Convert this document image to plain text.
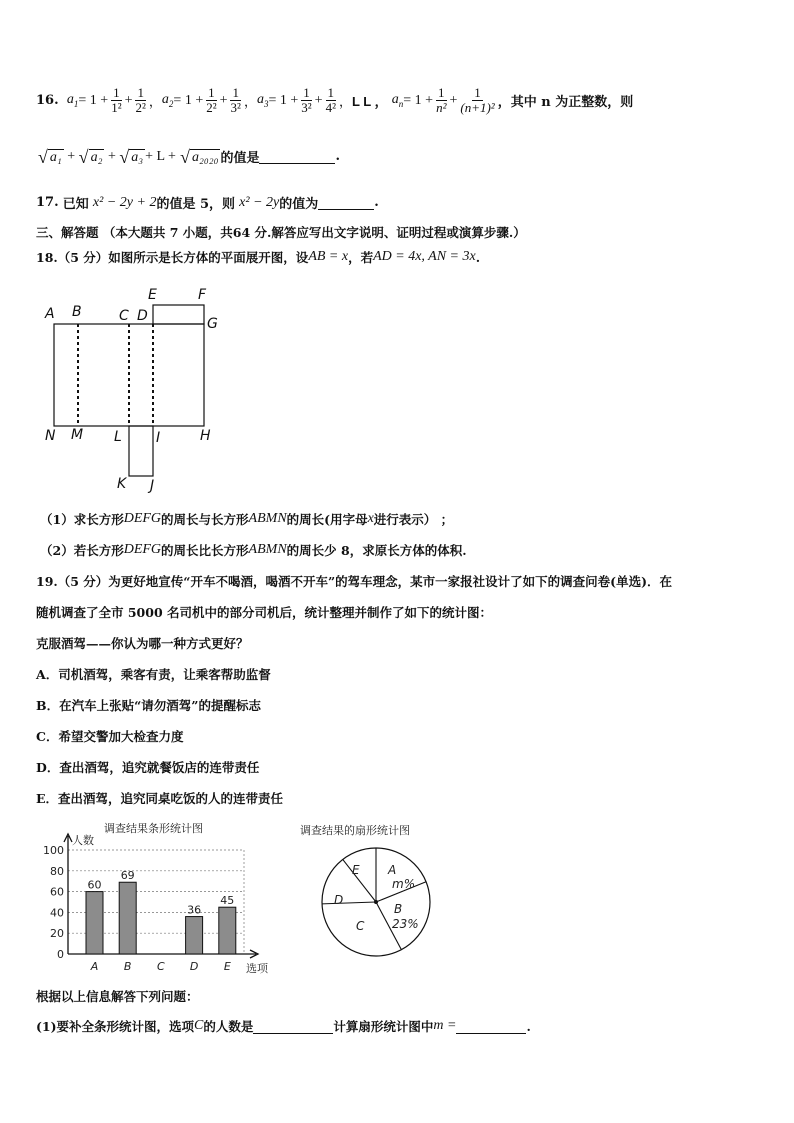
16.
$a_1 = 1 + \frac{1}{\text{1²}} + \frac{1}{\text{2²}}$ ， $a_2 = 1 + \frac{1}{\text{2²}} + \frac{1}{\text{3²}}$ ， $a_3 = 1 + \frac{1}{\text{3²}} + \frac{1}{\text{4²}}$ ， L L ，
$a_n = 1 + \frac{1}{\text{n²}} + \frac{1}{\text{(n+1)²}}$ ，其中 n 为正整数，则
√ a₁ + √ a₂ + √ a₃ + L +
√ a₂₀₂₀ 的值是	.
17.
已知
x² − 2y + 2 的值是 5，则
x² − 2y 的值为	.
三、解答题 （本大题共 7 小题，共64 分.解答应写出文字说明、证明过程或演算步骤.）
18. （5 分）如图所示是长方体的平面展开图，设 AB = x ，若 AD = 4x, AN = 3x .
A B	C D
E	F
G
N M L I	H
K J
（1）求长方形 DEFG 的周长与长方形 ABMN 的周长(用字母 x 进行表示） ；
（2）若长方形 DEFG 的周长比长方形 ABMN 的周长少 8，求原长方体的体积.
19.（5 分）为更好地宣传“开车不喝酒，喝酒不开车”的驾车理念，某市一家报社设计了如下的调查问卷(单选)．在
随机调查了全市 5000 名司机中的部分司机后，统计整理并制作了如下的统计图：
克服酒驾——你认为哪一种方式更好？
A．司机酒驾，乘客有责，让乘客帮助监督
B．在汽车上张贴“请勿酒驾”的提醒标志
C．希望交警加大检查力度
D．查出酒驾，追究就餐饭店的连带责任
E．查出酒驾，追究同桌吃饭的人的连带责任
调查结果条形统计图
0
20
40
60
80
100
人数
选项
60
A
69
B C
36
D
45
E
调查结果的扇形统计图
A
m%
B
23%
C
D
E
根据以上信息解答下列问题：
(1)要补全条形统计图，选项 C 的人数是	计算扇形统计图中 m =	.
